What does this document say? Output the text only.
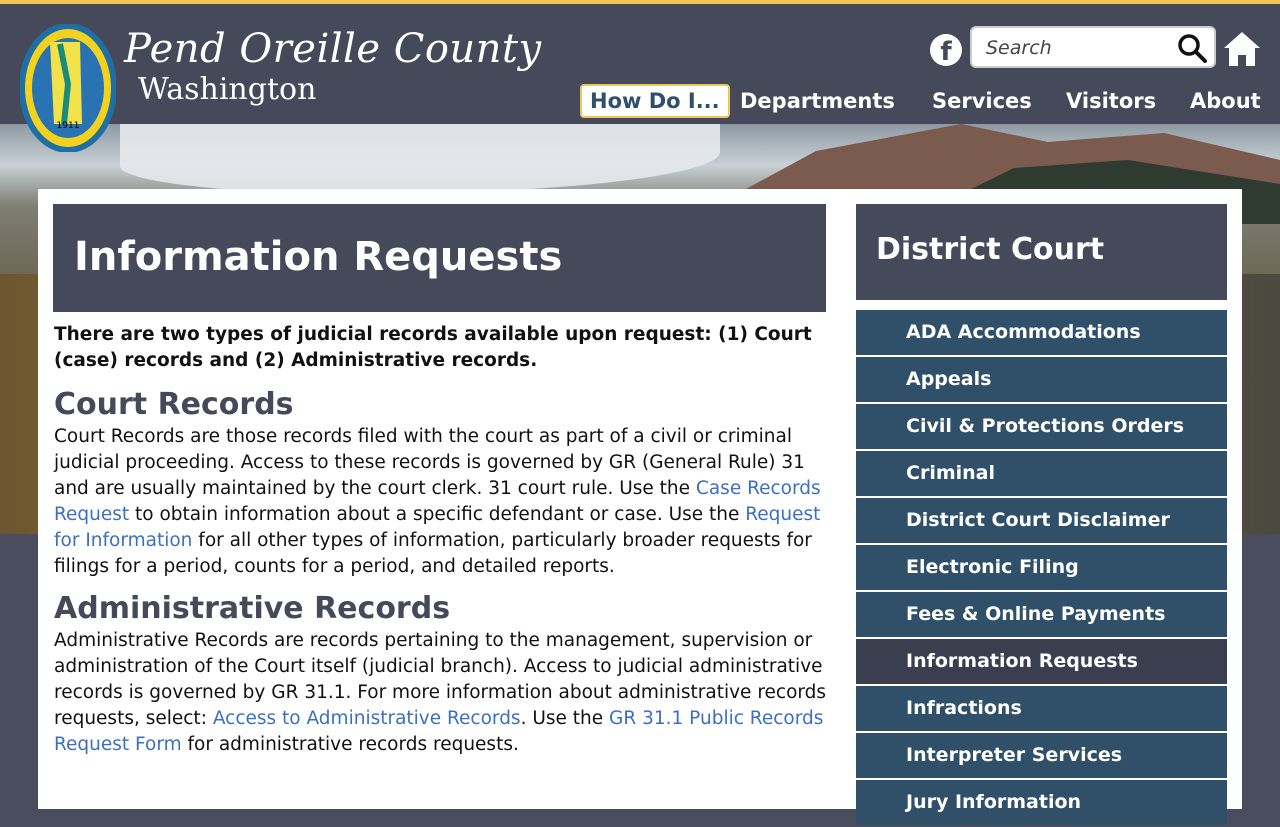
1911
Pend Oreille County
Washington
f
Search
How Do I... Departments Services Visitors About
Information Requests

There are two types of judicial records available upon request: (1) Court (case) records and (2) Administrative records.

Court Records

Court Records are those records filed with the court as part of a civil or criminal judicial proceeding. Access to these records is governed by GR (General Rule) 31 and are usually maintained by the court clerk. 31 court rule. Use the Case Records Request to obtain information about a specific defendant or case. Use the Request for Information for all other types of information, particularly broader requests for filings for a period, counts for a period, and detailed reports.

Administrative Records

Administrative Records are records pertaining to the management, supervision or administration of the Court itself (judicial branch). Access to judicial administrative records is governed by GR 31.1. For more information about administrative records requests, select: Access to Administrative Records. Use the GR 31.1 Public Records Request Form for administrative records requests.

District Court
ADA Accommodations
Appeals
Civil & Protections Orders
Criminal
District Court Disclaimer
Electronic Filing
Fees & Online Payments
Information Requests
Infractions
Interpreter Services
Jury Information
